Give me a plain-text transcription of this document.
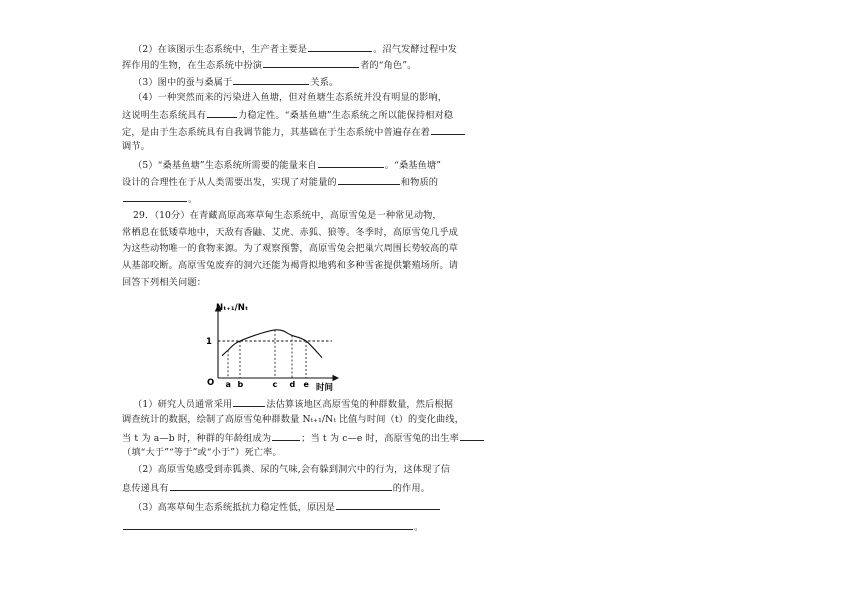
（2）在该图示生态系统中，生产者主要是	。沼气发酵过程中发
挥作用的生物，在生态系统中扮演	者的“角色”。
（3）图中的蚕与桑属于	关系。
（4）一种突然而来的污染进入鱼塘，但对鱼塘生态系统并没有明显的影响，
这说明生态系统具有	力稳定性。“桑基鱼塘”生态系统之所以能保持相对稳
定，是由于生态系统具有自我调节能力，其基础在于生态系统中普遍存在着
调节。
（5）“桑基鱼塘”生态系统所需要的能量来自	。“桑基鱼塘”
设计的合理性在于从人类需要出发，实现了对能量的	和物质的
。
29．（10分）在青藏高原高寒草甸生态系统中，高原雪兔是一种常见动物，
常栖息在低矮草地中，天敌有香鼬、艾虎、赤狐、狼等。冬季时，高原雪兔几乎成
为这些动物唯一的食物来源。为了观察预警，高原雪兔会把巢穴周围长势较高的草
从基部咬断。高原雪兔废弃的洞穴还能为褐背拟地鸦和多种雪雀提供繁殖场所。请
回答下列相关问题：
a b	c d e
Nₜ₊₁/Nₜ
时间
O
1
（1）研究人员通常采用	法估算该地区高原雪兔的种群数量，然后根据
调查统计的数据，绘制了高原雪兔种群数量 Nₜ₊₁/Nₜ 比值与时间（t）的变化曲线，
当 t 为 a—b 时，种群的年龄组成为	；当 t 为 c—e 时，高原雪兔的出生率
（填“大于”“等于”或“小于”）死亡率。
（2）高原雪兔感受到赤狐粪、尿的气味,会有躲到洞穴中的行为，这体现了信
息传递具有	的作用。
（3）高寒草甸生态系统抵抗力稳定性低，原因是
。
